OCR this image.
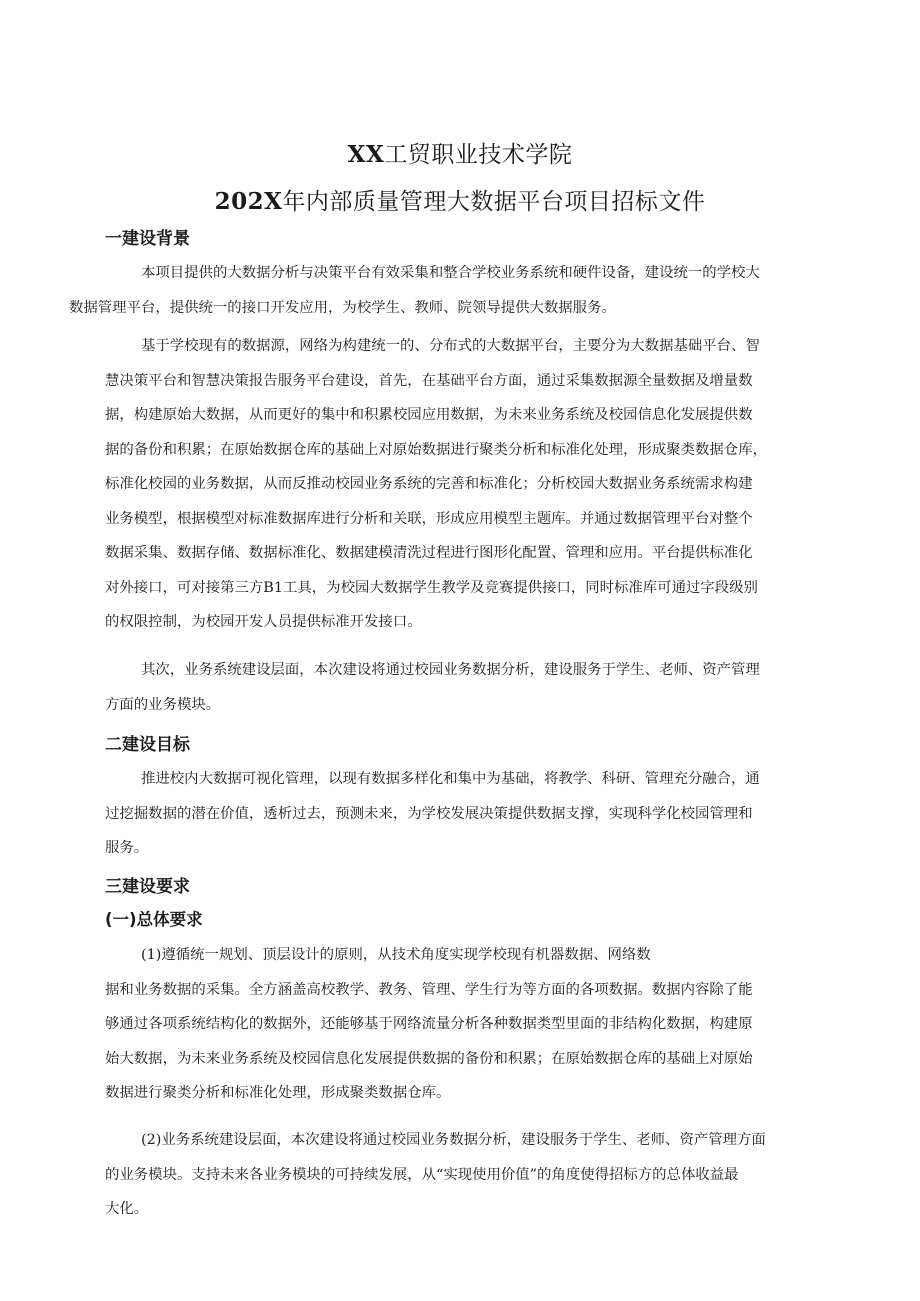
XX工贸职业技术学院
202X年内部质量管理大数据平台项目招标文件
一建设背景

本项目提供的大数据分析与决策平台有效采集和整合学校业务系统和硬件设备，建设统一的学校大
数据管理平台，提供统一的接口开发应用，为校学生、教师、院领导提供大数据服务。

基于学校现有的数据源，网络为构建统一的、分布式的大数据平台，主要分为大数据基础平台、智
慧决策平台和智慧决策报告服务平台建设，首先，在基础平台方面，通过采集数据源全量数据及增量数
据，构建原始大数据，从而更好的集中和积累校园应用数据，为未来业务系统及校园信息化发展提供数
据的备份和积累；在原始数据仓库的基础上对原始数据进行聚类分析和标准化处理，形成聚类数据仓库，
标准化校园的业务数据，从而反推动校园业务系统的完善和标准化；分析校园大数据业务系统需求构建
业务模型，根据模型对标准数据库进行分析和关联，形成应用模型主题库。并通过数据管理平台对整个
数据采集、数据存储、数据标准化、数据建模清洗过程进行图形化配置、管理和应用。平台提供标准化
对外接口，可对接第三方B1工具，为校园大数据学生教学及竞赛提供接口，同时标准库可通过字段级别
的权限控制，为校园开发人员提供标准开发接口。

其次，业务系统建设层面，本次建设将通过校园业务数据分析，建设服务于学生、老师、资产管理
方面的业务模块。

二建设目标

推进校内大数据可视化管理，以现有数据多样化和集中为基础，将教学、科研、管理充分融合，通
过挖掘数据的潜在价值，透析过去，预测未来，为学校发展决策提供数据支撑，实现科学化校园管理和
服务。

三建设要求
(一)总体要求

(1)遵循统一规划、顶层设计的原则，从技术角度实现学校现有机器数据、网络数
据和业务数据的采集。全方涵盖高校教学、教务、管理、学生行为等方面的各项数据。数据内容除了能
够通过各项系统结构化的数据外，还能够基于网络流量分析各种数据类型里面的非结构化数据，构建原
始大数据，为未来业务系统及校园信息化发展提供数据的备份和积累；在原始数据仓库的基础上对原始
数据进行聚类分析和标准化处理，形成聚类数据仓库。

(2)业务系统建设层面，本次建设将通过校园业务数据分析，建设服务于学生、老师、资产管理方面
的业务模块。支持未来各业务模块的可持续发展，从“实现使用价值”的角度使得招标方的总体收益最
大化。
